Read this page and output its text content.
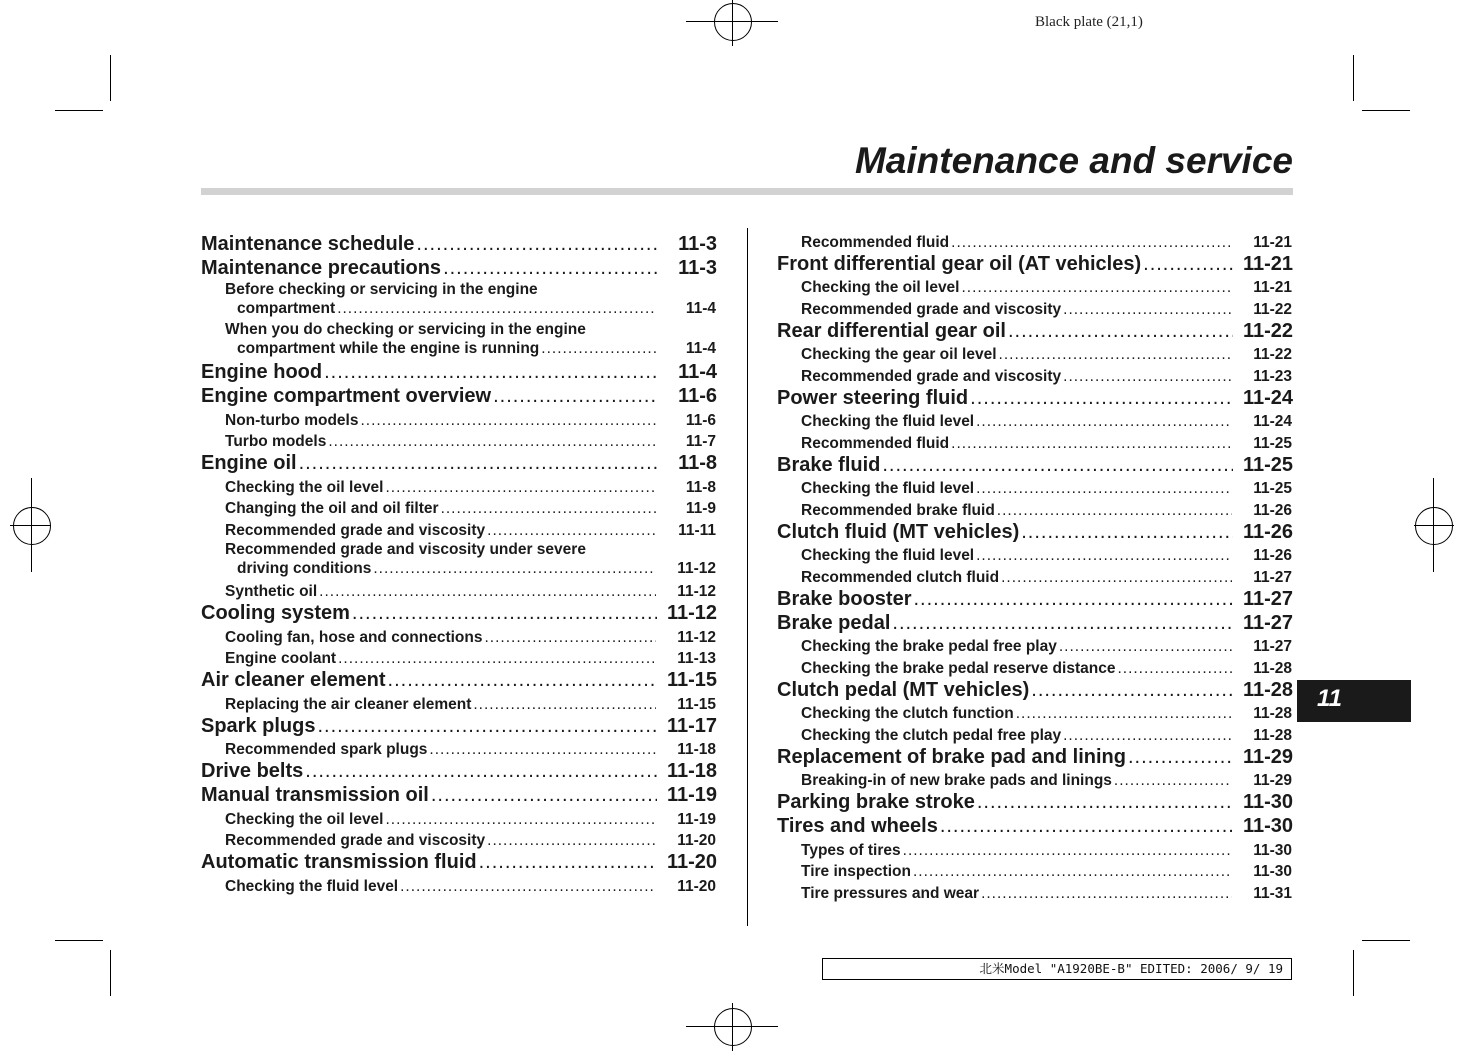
Black plate (21,1)
Maintenance and service
Maintenance schedule .....	11-3
Maintenance precautions .....	11-3
Before checking or servicing in the engine
compartment .....	11-4
When you do checking or servicing in the engine
compartment while the engine is running .....	11-4
Engine hood .....	11-4
Engine compartment overview .....	11-6
Non-turbo models .....	11-6
Turbo models .....	11-7
Engine oil .....	11-8
Checking the oil level .....	11-8
Changing the oil and oil filter .....	11-9
Recommended grade and viscosity .....	11-11
Recommended grade and viscosity under severe
driving conditions .....	11-12
Synthetic oil .....	11-12
Cooling system .....	11-12
Cooling fan, hose and connections .....	11-12
Engine coolant .....	11-13
Air cleaner element .....	11-15
Replacing the air cleaner element .....	11-15
Spark plugs .....	11-17
Recommended spark plugs .....	11-18
Drive belts .....	11-18
Manual transmission oil .....	11-19
Checking the oil level .....	11-19
Recommended grade and viscosity .....	11-20
Automatic transmission fluid .....	11-20
Checking the fluid level .....	11-20
Recommended fluid .....	11-21
Front differential gear oil (AT vehicles) .....	11-21
Checking the oil level .....	11-21
Recommended grade and viscosity .....	11-22
Rear differential gear oil .....	11-22
Checking the gear oil level .....	11-22
Recommended grade and viscosity .....	11-23
Power steering fluid .....	11-24
Checking the fluid level .....	11-24
Recommended fluid .....	11-25
Brake fluid .....	11-25
Checking the fluid level .....	11-25
Recommended brake fluid .....	11-26
Clutch fluid (MT vehicles) .....	11-26
Checking the fluid level .....	11-26
Recommended clutch fluid .....	11-27
Brake booster .....	11-27
Brake pedal .....	11-27
Checking the brake pedal free play .....	11-27
Checking the brake pedal reserve distance .....	11-28
Clutch pedal (MT vehicles) .....	11-28
Checking the clutch function .....	11-28
Checking the clutch pedal free play .....	11-28
Replacement of brake pad and lining .....	11-29
Breaking-in of new brake pads and linings .....	11-29
Parking brake stroke .....	11-30
Tires and wheels .....	11-30
Types of tires .....	11-30
Tire inspection .....	11-30
Tire pressures and wear .....	11-31
11
北米Model "A1920BE-B" EDITED: 2006/ 9/ 19
